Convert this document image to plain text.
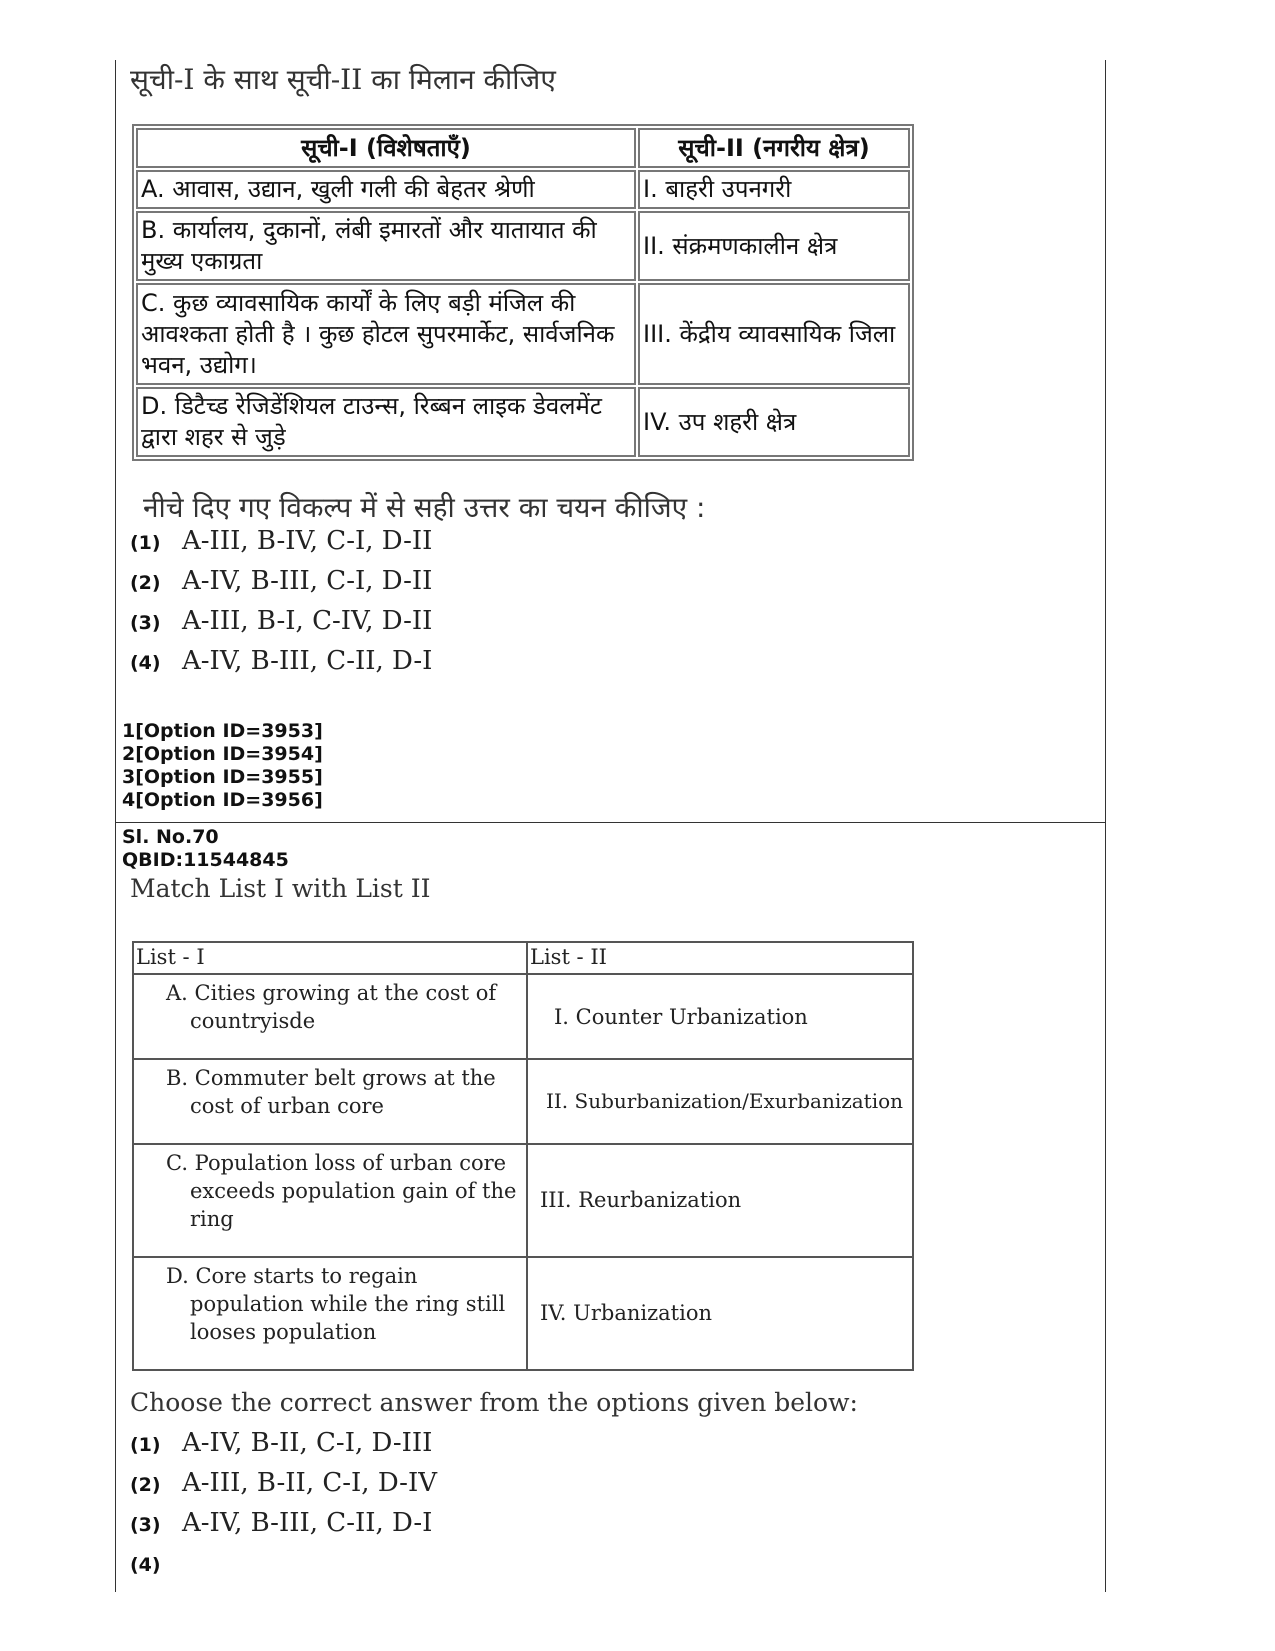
सूची-I के साथ सूची-II का मिलान कीजिए
सूची-I (विशेषताएँ)	सूची-II (नगरीय क्षेत्र)
A. आवास, उद्यान, खुली गली की बेहतर श्रेणी	I. बाहरी उपनगरी
B. कार्यालय, दुकानों, लंबी इमारतों और यातायात की मुख्य एकाग्रता	II. संक्रमणकालीन क्षेत्र
C. कुछ व्यावसायिक कार्यों के लिए बड़ी मंजिल की आवश्कता होती है । कुछ होटल सुपरमार्केट, सार्वजनिक भवन, उद्योग।	III. केंद्रीय व्यावसायिक जिला
D. डिटैच्ड रेजिडेंशियल टाउन्स, रिब्बन लाइक डेवलमेंट द्वारा शहर से जुड़े	IV. उप शहरी क्षेत्र
नीचे दिए गए विकल्प में से सही उत्तर का चयन कीजिए :
(1) A-III, B-IV, C-I, D-II
(2) A-IV, B-III, C-I, D-II
(3) A-III, B-I, C-IV, D-II
(4) A-IV, B-III, C-II, D-I
1[Option ID=3953]
2[Option ID=3954]
3[Option ID=3955]
4[Option ID=3956]
Sl. No.70
QBID:11544845
Match List I with List II
List - I	List - II
A. Cities growing at the cost of countryisde	I. Counter Urbanization
B. Commuter belt grows at the cost of urban core	II. Suburbanization/Exurbanization
C. Population loss of urban core exceeds population gain of the ring	III. Reurbanization
D. Core starts to regain population while the ring still looses population	IV. Urbanization
Choose the correct answer from the options given below:
(1) A-IV, B-II, C-I, D-III
(2) A-III, B-II, C-I, D-IV
(3) A-IV, B-III, C-II, D-I
(4)
